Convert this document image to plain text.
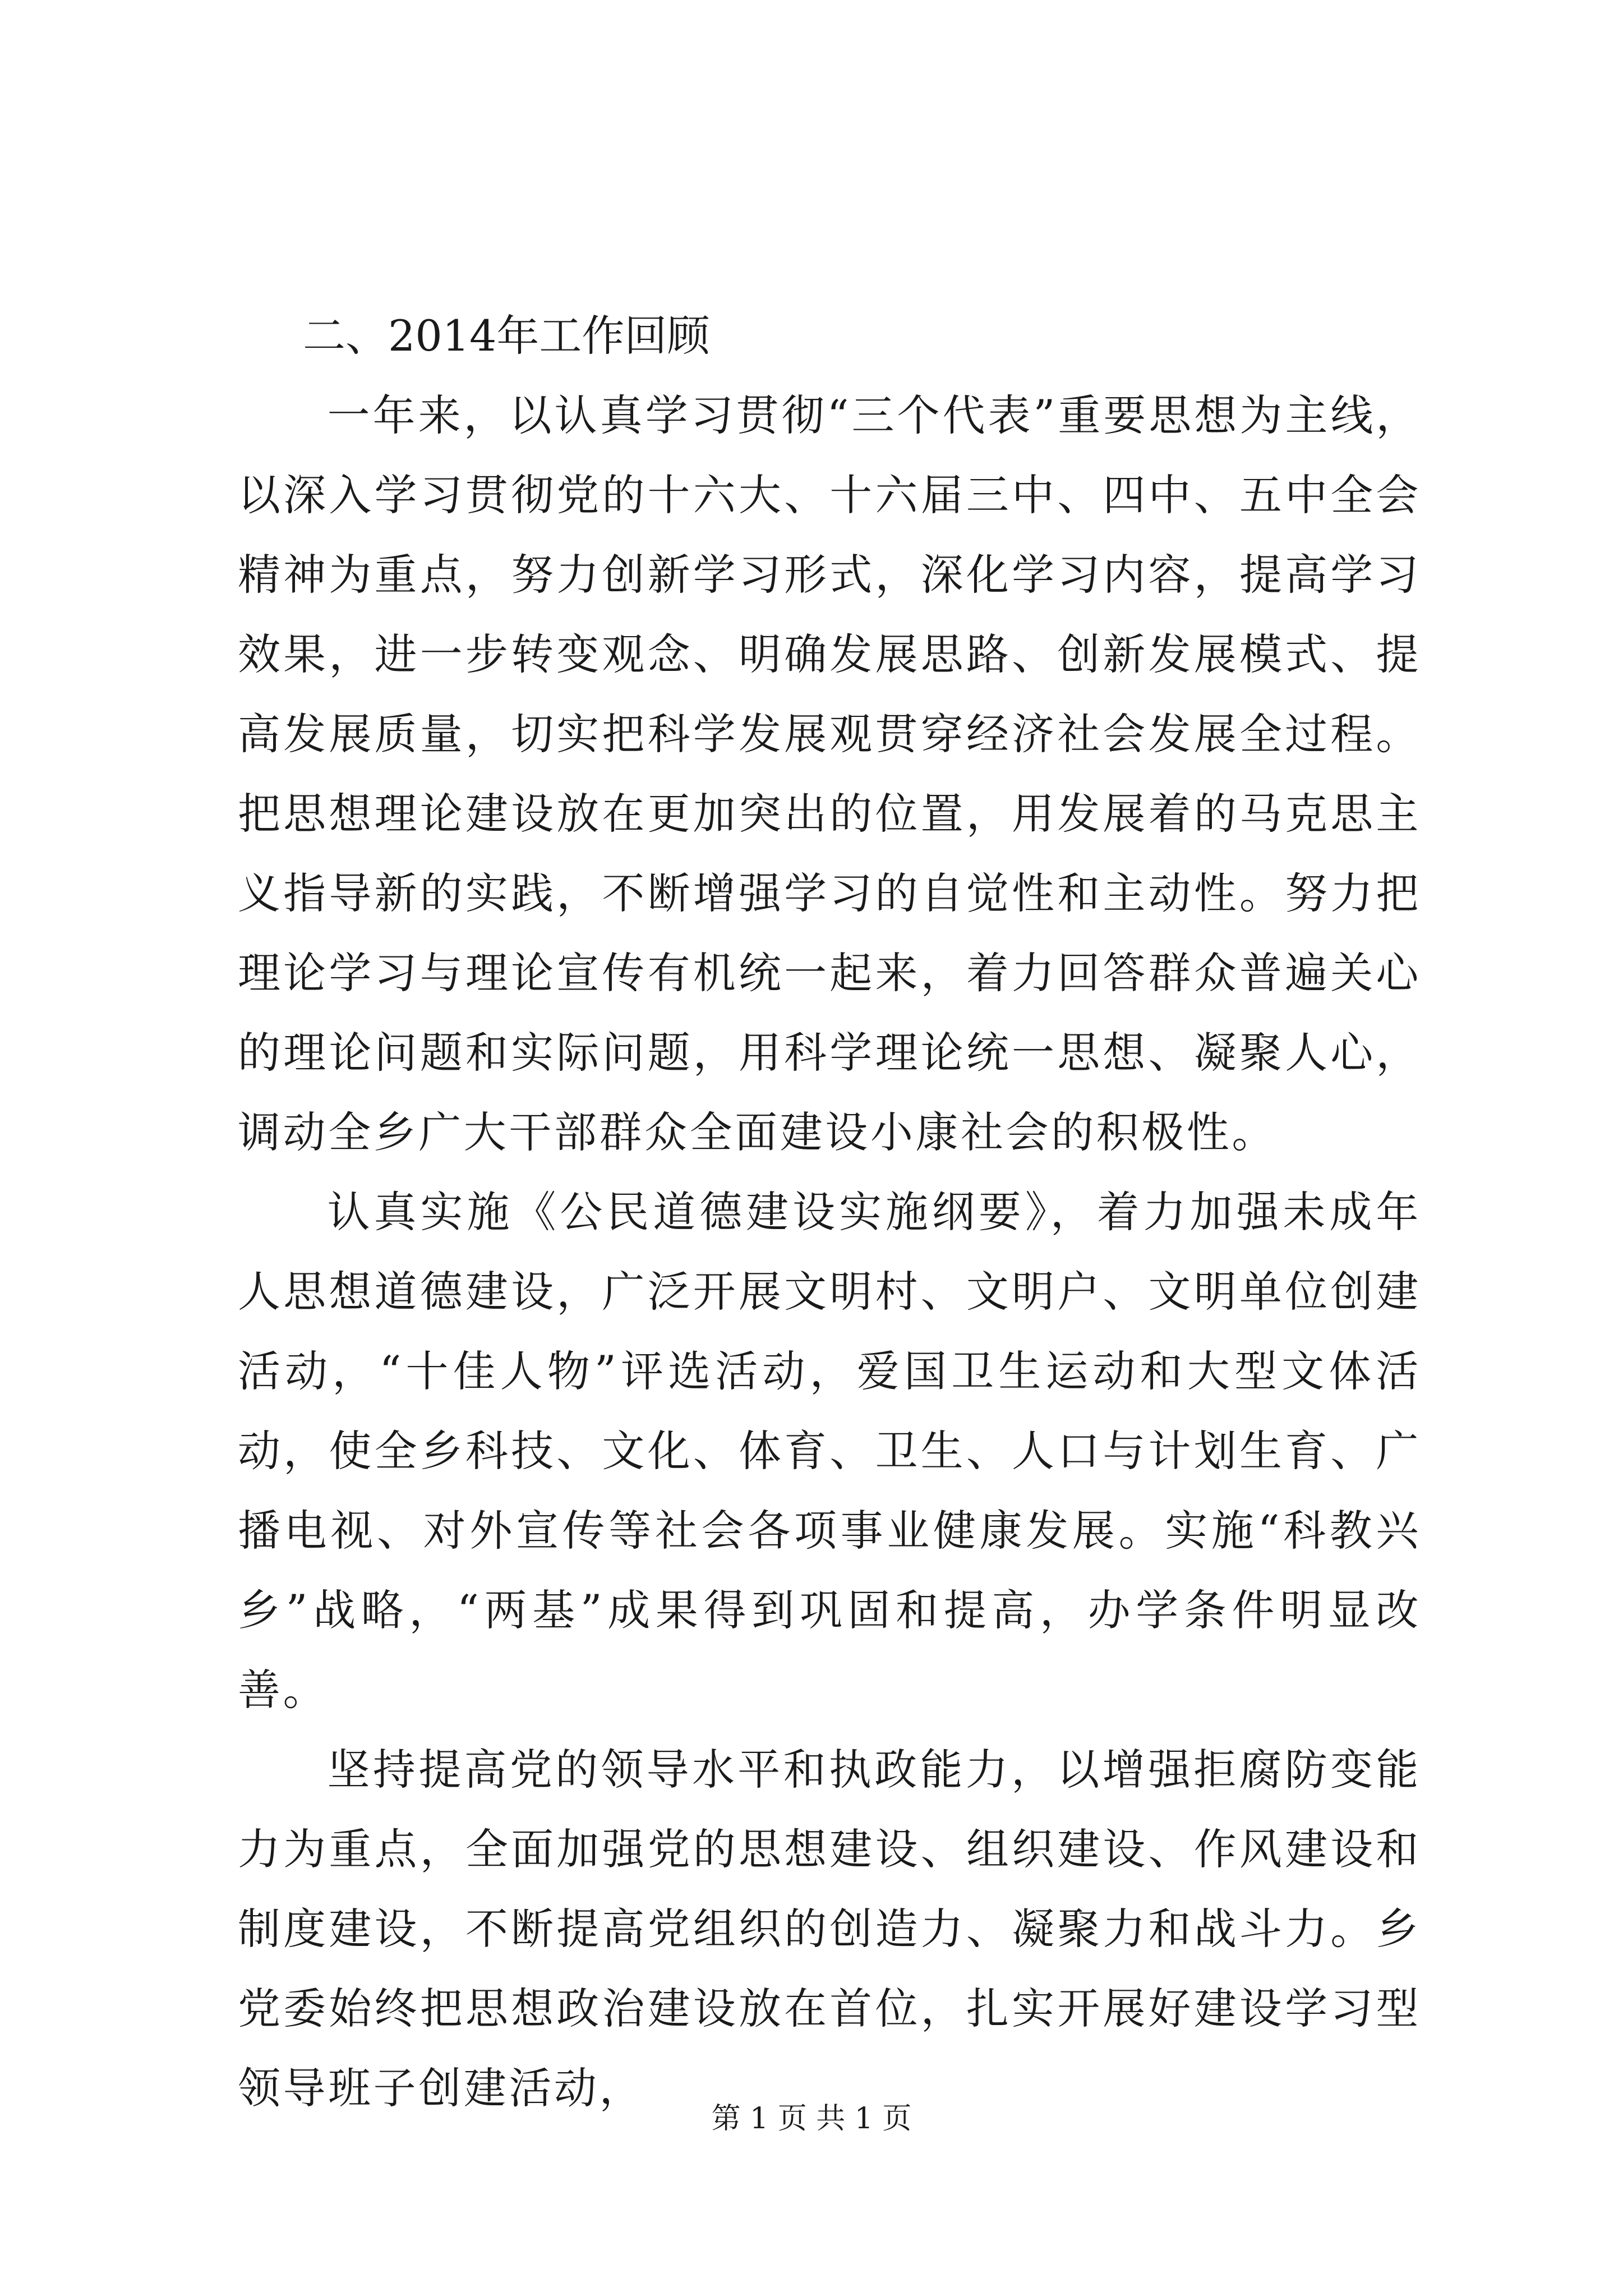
二、2014年工作回顾

一年来，以认真学习贯彻“三个代表”重要思想为主线，以深入学习贯彻党的十六大、十六届三中、四中、五中全会精神为重点，努力创新学习形式，深化学习内容，提高学习效果，进一步转变观念、明确发展思路、创新发展模式、提高发展质量，切实把科学发展观贯穿经济社会发展全过程。把思想理论建设放在更加突出的位置，用发展着的马克思主义指导新的实践，不断增强学习的自觉性和主动性。努力把理论学习与理论宣传有机统一起来，着力回答群众普遍关心的理论问题和实际问题，用科学理论统一思想、凝聚人心，调动全乡广大干部群众全面建设小康社会的积极性。

认真实施《公民道德建设实施纲要》，着力加强未成年人思想道德建设，广泛开展文明村、文明户、文明单位创建活动，“十佳人物”评选活动，爱国卫生运动和大型文体活动，使全乡科技、文化、体育、卫生、人口与计划生育、广播电视、对外宣传等社会各项事业健康发展。实施“科教兴乡”战略，“两基”成果得到巩固和提高，办学条件明显改善。

坚持提高党的领导水平和执政能力，以增强拒腐防变能力为重点，全面加强党的思想建设、组织建设、作风建设和制度建设，不断提高党组织的创造力、凝聚力和战斗力。乡党委始终把思想政治建设放在首位，扎实开展好建设学习型领导班子创建活动，

第 1 页 共 1 页
